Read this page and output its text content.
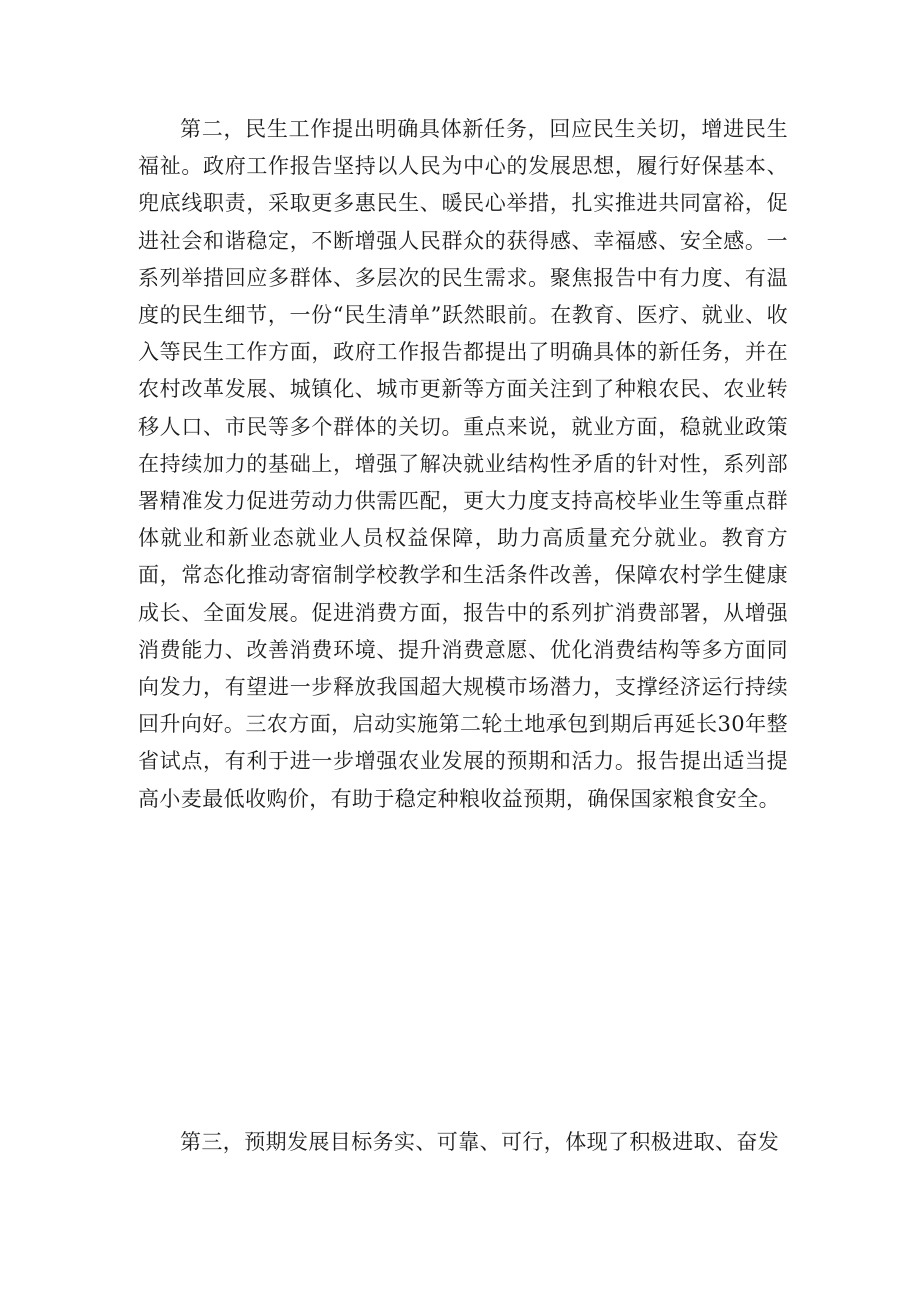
第二，民生工作提出明确具体新任务，回应民生关切，增进民生福祉。政府工作报告坚持以人民为中心的发展思想，履行好保基本、兜底线职责，采取更多惠民生、暖民心举措，扎实推进共同富裕，促进社会和谐稳定，不断增强人民群众的获得感、幸福感、安全感。一系列举措回应多群体、多层次的民生需求。聚焦报告中有力度、有温度的民生细节，一份“民生清单”跃然眼前。在教育、医疗、就业、收入等民生工作方面，政府工作报告都提出了明确具体的新任务，并在农村改革发展、城镇化、城市更新等方面关注到了种粮农民、农业转移人口、市民等多个群体的关切。重点来说，就业方面，稳就业政策在持续加力的基础上，增强了解决就业结构性矛盾的针对性，系列部署精准发力促进劳动力供需匹配，更大力度支持高校毕业生等重点群体就业和新业态就业人员权益保障，助力高质量充分就业。教育方面，常态化推动寄宿制学校教学和生活条件改善，保障农村学生健康成长、全面发展。促进消费方面，报告中的系列扩消费部署，从增强消费能力、改善消费环境、提升消费意愿、优化消费结构等多方面同向发力，有望进一步释放我国超大规模市场潜力，支撑经济运行持续回升向好。三农方面，启动实施第二轮土地承包到期后再延长30年整省试点，有利于进一步增强农业发展的预期和活力。报告提出适当提高小麦最低收购价，有助于稳定种粮收益预期，确保国家粮食安全。

第三，预期发展目标务实、可靠、可行，体现了积极进取、奋发
